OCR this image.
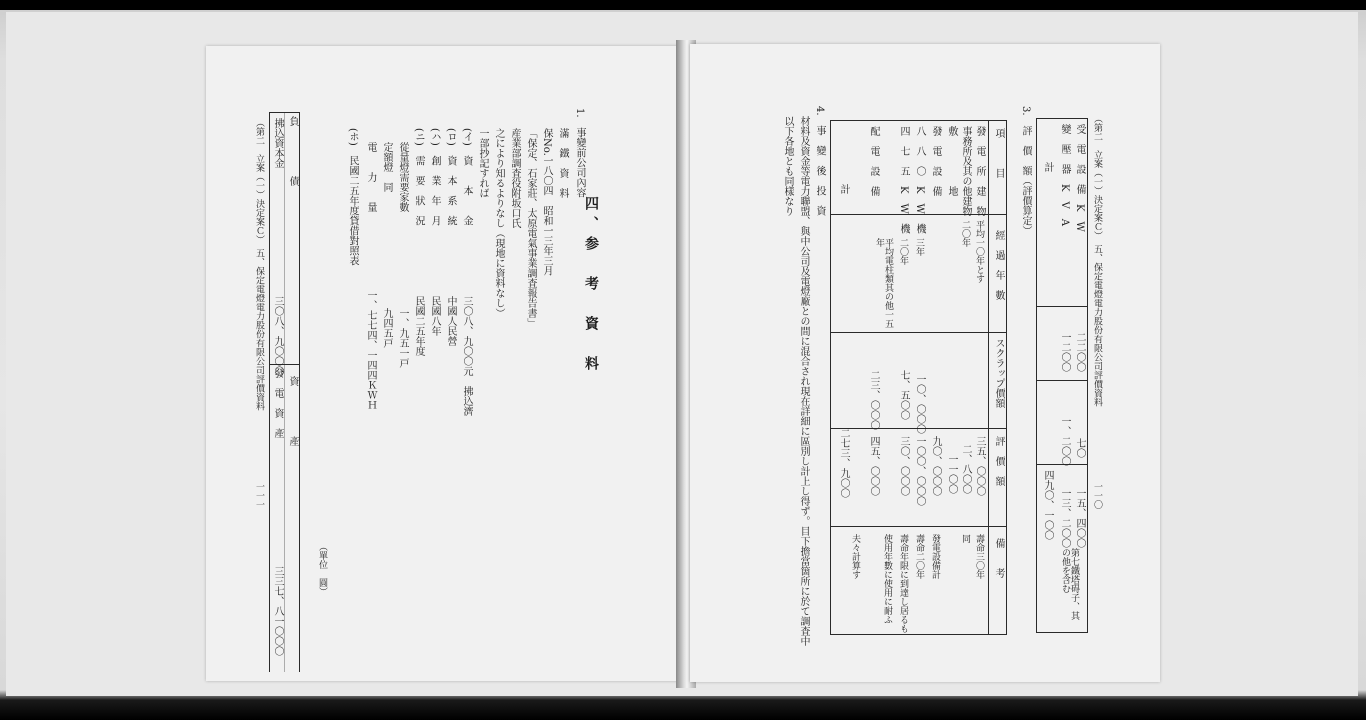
四、参　考　資　料
1.　事變前公司內容
滿　鐵　資　料
保No.一八〇四　昭和一三年三月
「保定、石家莊、太原電氣事業調査報告書」
産業部調査役附坂口氏
之により知るよりなし（現地に資料なし）
一部抄記すれば
(イ)　資　　本　　金
三〇八、九〇〇元　拂込濟
(ロ)　資　本　系　統
中國人民營
(ハ)　創　業　年　月
民國八年
(ニ)　需　要　狀　況
民國二五年度
從量燈需要家數
一、九五一戸
定額燈　同
九四五戸
電　　力　　量
一、七七四、一四四ＫＷＨ
(ホ)　民國二五年度貸借對照表
（單位　圓）
負　　　　　債
資　　　　　產
拂込資本金
三〇八、九〇〇〇
發　電　資　產
三三七、八一〇〇〇
（第二　立案（一）決定案Ｃ）　五、保定電燈電力股份有限公司評價資料
一一一
（第二　立案（一）決定案Ｃ）　五、保定電燈電力股份有限公司評價資料
一一〇
受　電　設　備　K　W
變　壓　器　K　V　A
計
二二〇〇
一二〇〇
七〇
一、二〇〇
一五、四〇〇
一三、二〇〇
四九〇、一〇〇
第七鐵塔碍子、其の他を含む
3.　評　價　額（評價算定）
項　　　目
經　過　年　數
スクラップ價額
評　價　額
備　　考
發　電　所　建　物
平均一〇年とす
三五、〇〇〇
壽命三〇年
事務所及其の他建物
二〇年
二、八〇〇
同
敷　　　　　地
一一〇〇
發　電　設　備
九〇、〇〇〇
發電設備計
八　八　〇　K　W　機
三年
一〇、〇〇〇
一〇〇、〇〇〇
壽命二〇年
四　七　五　K　W　機
二〇年
七、五〇〇
三〇、〇〇〇
壽命年限に到達し居るも
配　電　設　備
平均電柱類其の他一五年
二三、〇〇〇
四五、〇〇〇
使用年數に使用に耐ふ
計
二七三、九〇〇
夫々計算す
4.　事　變　後　投　資
材料及資金等電力聯盟、與中公司及電燈廠との間に混合され現在詳細に區別し計上し得ず。目下擔當箇所に於て調査中
以下各地とも同樣なり
